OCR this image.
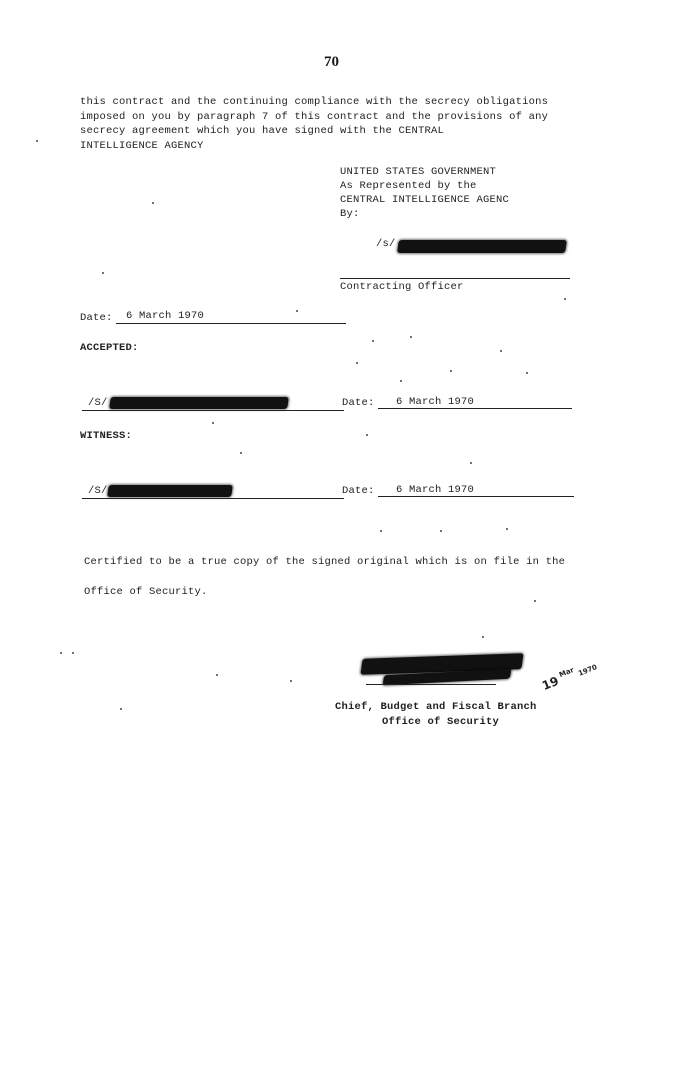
70
this contract and the continuing compliance with the secrecy obligations
imposed on you by paragraph 7 of this contract and the provisions of any
secrecy agreement which you have signed with the CENTRAL
INTELLIGENCE AGENCY
UNITED STATES GOVERNMENT
As Represented by the
CENTRAL INTELLIGENCE AGENC
By:
/s/
Contracting Officer
Date: 6 March 1970
ACCEPTED:
/S/	Date: 6 March 1970
WITNESS:
/S/	Date: 6 March 1970
Certified to be a true copy of the signed original which is on file in the
Office of Security.
19 $^{Mar}$ 1970
Chief, Budget and Fiscal Branch
Office of Security
